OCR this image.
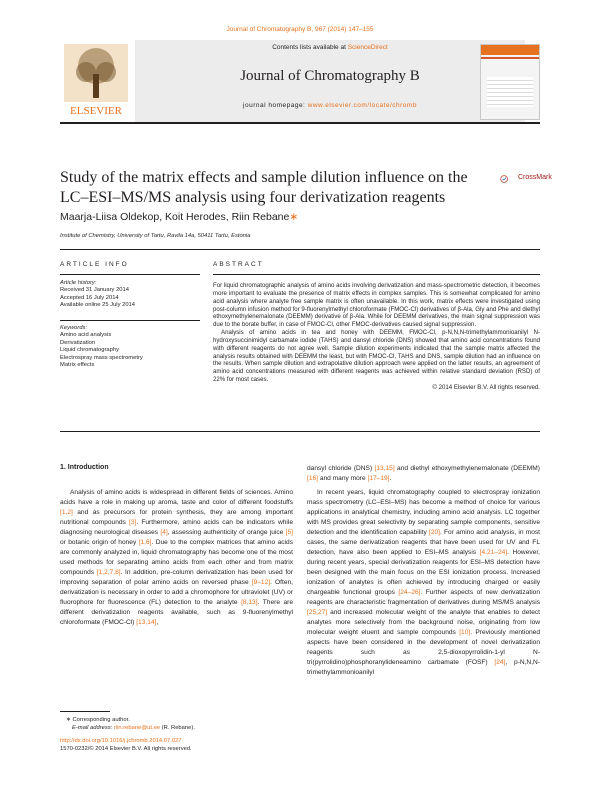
Journal of Chromatography B, 967 (2014) 147–155
ELSEVIER
Contents lists available at ScienceDirect
Journal of Chromatography B
journal homepage: www.elsevier.com/locate/chromb
Study of the matrix effects and sample dilution influence on the LC–ESI–MS/MS analysis using four derivatization reagents
CrossMark
Maarja-Liisa Oldekop, Koit Herodes, Riin Rebane∗
Institute of Chemistry, University of Tartu, Ravila 14a, 50411 Tartu, Estonia
ARTICLE INFO	ABSTRACT
Article history:
Received 31 January 2014
Accepted 16 July 2014
Available online 25 July 2014
Keywords:
Amino acid analysis
Derivatization
Liquid chromatography
Electrospray mass spectrometry
Matrix effects

For liquid chromatographic analysis of amino acids involving derivatization and mass-spectrometric detection, it becomes more important to evaluate the presence of matrix effects in complex samples. This is somewhat complicated for amino acid analysis where analyte free sample matrix is often unavailable. In this work, matrix effects were investigated using post-column infusion method for 9-fluorenylmethyl chloroformate (FMOC-Cl) derivatives of β-Ala, Gly and Phe and diethyl ethoxymethylenemalonate (DEEMM) derivative of β-Ala. While for DEEMM derivatives, the main signal suppression was due to the borate buffer, in case of FMOC-Cl, other FMOC-derivatives caused signal suppression.

Analysis of amino acids in tea and honey with DEEMM, FMOC-Cl, p-N,N,N-trimethylammonioanilyl N-hydroxysuccinimidyl carbamate iodide (TAHS) and dansyl chloride (DNS) showed that amino acid concentrations found with different reagents do not agree well. Sample dilution experiments indicated that the sample matrix affected the analysis results obtained with DEEMM the least, but with FMOC-Cl, TAHS and DNS, sample dilution had an influence on the results. When sample dilution and extrapolative dilution approach were applied on the latter results, an agreement of amino acid concentrations measured with different reagents was achieved within relative standard deviation (RSD) of 22% for most cases.

© 2014 Elsevier B.V. All rights reserved.

1. Introduction

Analysis of amino acids is widespread in different fields of sciences. Amino acids have a role in making up aroma, taste and color of different foodstuffs [1,2] and as precursors for protein synthesis, they are among important nutritional compounds [3]. Furthermore, amino acids can be indicators while diagnosing neurological diseases [4], assessing authenticity of orange juice [5] or botanic origin of honey [1,6]. Due to the complex matrices that amino acids are commonly analyzed in, liquid chromatography has become one of the most used methods for separating amino acids from each other and from matrix compounds [1,2,7,8]. In addition, pre-column derivatization has been used for improving separation of polar amino acids on reversed phase [9–12]. Often, derivatization is necessary in order to add a chromophore for ultraviolet (UV) or fluorophore for fluorescence (FL) detection to the analyte [8,13]. There are different derivatization reagents available, such as 9-fluorenylmethyl chloroformate (FMOC-Cl) [13,14],

dansyl chloride (DNS) [13,15] and diethyl ethoxymethylenemalonate (DEEMM) [16] and many more [17–19].

In recent years, liquid chromatography coupled to electrospray ionization mass spectrometry (LC–ESI–MS) has become a method of choice for various applications in analytical chemistry, including amino acid analysis. LC together with MS provides great selectivity by separating sample components, sensitive detection and the identification capability [20]. For amino acid analysis, in most cases, the same derivatization reagents that have been used for UV and FL detection, have also been applied to ESI–MS analysis [4,21–24]. However, during recent years, special derivatization reagents for ESI–MS detection have been designed with the main focus on the ESI ionization process. Increased ionization of analytes is often achieved by introducing charged or easily chargeable functional groups [24–26]. Further aspects of new derivatization reagents are characteristic fragmentation of derivatives during MS/MS analysis [25,27] and increased molecular weight of the analyte that enables to detect analytes more selectively from the background noise, originating from low molecular weight eluent and sample compounds [10]. Previously mentioned aspects have been considered in the development of novel derivatization reagents such as 2,5-dioxopyrrolidin-1-yl N-tri(pyrrolidino)phosphoranylideneamino carbamate (FOSF) [24], p-N,N,N-trimethylammonioanilyl

∗ Corresponding author.
E-mail address: riin.rebane@ut.ee (R. Rebane).
http://dx.doi.org/10.1016/j.jchromb.2014.07.027
1570-0232/© 2014 Elsevier B.V. All rights reserved.
